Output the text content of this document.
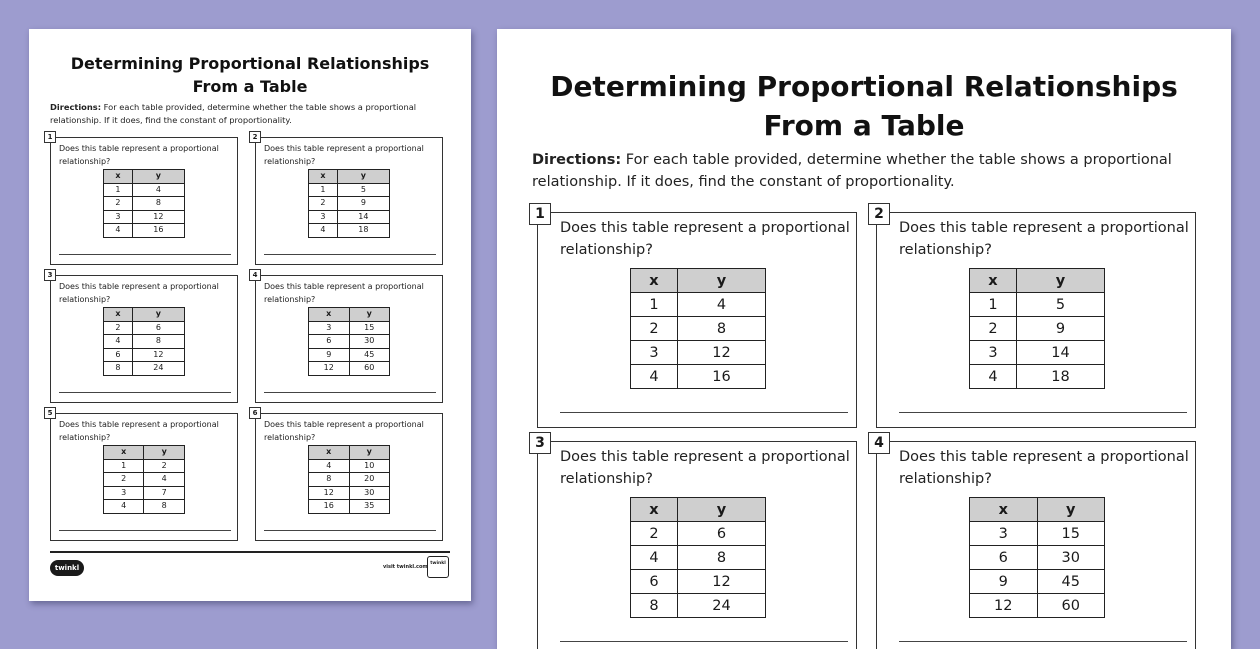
Determining Proportional Relationships
From a Table

Directions: For each table provided, determine whether the table shows a proportional relationship. If it does, find the constant of proportionality.

1
Does this table represent a proportional relationship?
x	y
1	4
2	8
3	12
4	16
2
Does this table represent a proportional relationship?
x	y
1	5
2	9
3	14
4	18
3
Does this table represent a proportional relationship?
x	y
2	6
4	8
6	12
8	24
4
Does this table represent a proportional relationship?
x	y
3	15
6	30
9	45
12	60
5
Does this table represent a proportional relationship?
x	y
1	2
2	4
3	7
4	8
6
Does this table represent a proportional relationship?
x	y
4	10
8	20
12	30
16	35
twinkl	visit twinkl.com
twinkl
Determining Proportional Relationships
From a Table

Directions: For each table provided, determine whether the table shows a proportional relationship. If it does, find the constant of proportionality.

1
Does this table represent a proportional relationship?
x	y
1	4
2	8
3	12
4	16
2
Does this table represent a proportional relationship?
x	y
1	5
2	9
3	14
4	18
3
Does this table represent a proportional relationship?
x	y
2	6
4	8
6	12
8	24
4
Does this table represent a proportional relationship?
x	y
3	15
6	30
9	45
12	60
